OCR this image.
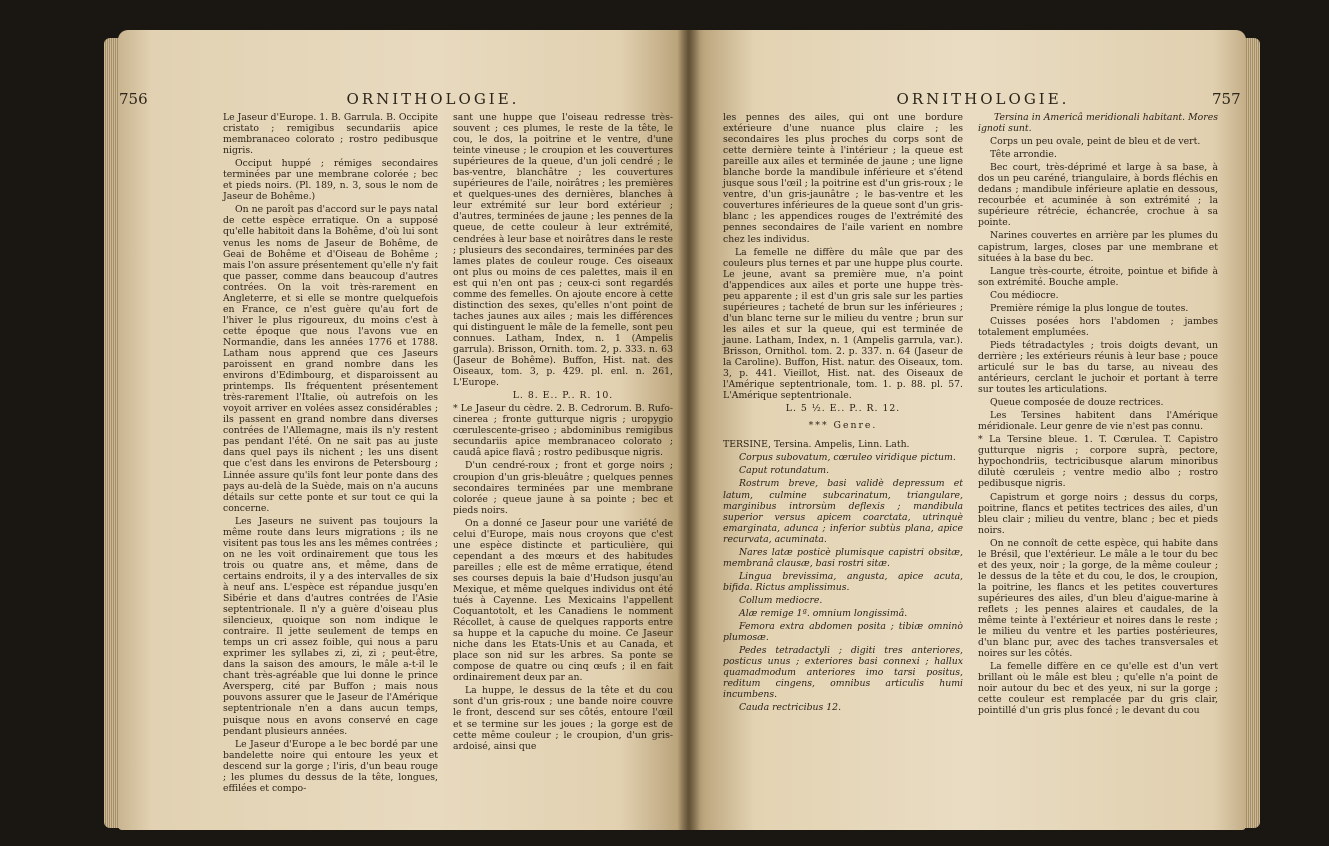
756	ORNITHOLOGIE.

Le Jaseur d'Europe. 1. B. Garrula. B. Occipite cristato ; remigibus secundariis apice membranaceo colorato ; rostro pedibusque nigris.

Occiput huppé ; rémiges secondaires terminées par une membrane colorée ; bec et pieds noirs. (Pl. 189, n. 3, sous le nom de Jaseur de Bohême.)

On ne paroît pas d'accord sur le pays natal de cette espèce erratique. On a supposé qu'elle habitoit dans la Bohême, d'où lui sont venus les noms de Jaseur de Bohême, de Geai de Bohême et d'Oiseau de Bohême ; mais l'on assure présentement qu'elle n'y fait que passer, comme dans beaucoup d'autres contrées. On la voit très-rarement en Angleterre, et si elle se montre quelquefois en France, ce n'est guère qu'au fort de l'hiver le plus rigoureux, du moins c'est à cette époque que nous l'avons vue en Normandie, dans les années 1776 et 1788. Latham nous apprend que ces Jaseurs paroissent en grand nombre dans les environs d'Edimbourg, et disparoissent au printemps. Ils fréquentent présentement très-rarement l'Italie, où autrefois on les voyoit arriver en volées assez considérables ; ils passent en grand nombre dans diverses contrées de l'Allemagne, mais ils n'y restent pas pendant l'été. On ne sait pas au juste dans quel pays ils nichent ; les uns disent que c'est dans les environs de Petersbourg ; Linnée assure qu'ils font leur ponte dans des pays au-delà de la Suède, mais on n'a aucuns détails sur cette ponte et sur tout ce qui la concerne.

Les Jaseurs ne suivent pas toujours la même route dans leurs migrations ; ils ne visitent pas tous les ans les mêmes contrées ; on ne les voit ordinairement que tous les trois ou quatre ans, et même, dans de certains endroits, il y a des intervalles de six à neuf ans. L'espèce est répandue jusqu'en Sibérie et dans d'autres contrées de l'Asie septentrionale. Il n'y a guère d'oiseau plus silencieux, quoique son nom indique le contraire. Il jette seulement de temps en temps un cri assez foible, qui nous a paru exprimer les syllabes zi, zi, zi ; peut-être, dans la saison des amours, le mâle a-t-il le chant très-agréable que lui donne le prince Aversperg, cité par Buffon ; mais nous pouvons assurer que le Jaseur de l'Amérique septentrionale n'en a dans aucun temps, puisque nous en avons conservé en cage pendant plusieurs années.

Le Jaseur d'Europe a le bec bordé par une bandelette noire qui entoure les yeux et descend sur la gorge ; l'iris, d'un beau rouge ; les plumes du dessus de la tête, longues, effilées et compo-

sant une huppe que l'oiseau redresse très-souvent ; ces plumes, le reste de la tête, le cou, le dos, la poitrine et le ventre, d'une teinte vineuse ; le croupion et les couvertures supérieures de la queue, d'un joli cendré ; le bas-ventre, blanchâtre ; les couvertures supérieures de l'aile, noirâtres ; les premières et quelques-unes des dernières, blanches à leur extrémité sur leur bord extérieur ; d'autres, terminées de jaune ; les pennes de la queue, de cette couleur à leur extrémité, cendrées à leur base et noirâtres dans le reste ; plusieurs des secondaires, terminées par des lames plates de couleur rouge. Ces oiseaux ont plus ou moins de ces palettes, mais il en est qui n'en ont pas ; ceux-ci sont regardés comme des femelles. On ajoute encore à cette distinction des sexes, qu'elles n'ont point de taches jaunes aux ailes ; mais les différences qui distinguent le mâle de la femelle, sont peu connues. Latham, Index, n. 1 (Ampelis garrula). Brisson, Ornith. tom. 2, p. 333. n. 63 (Jaseur de Bohême). Buffon, Hist. nat. des Oiseaux, tom. 3, p. 429. pl. enl. n. 261, L'Europe.

L. 8. E.. P.. R. 10.

* Le Jaseur du cèdre. 2. B. Cedrorum. B. Rufo-cinerea ; fronte gutturque nigris ; uropygio cœrulescente-griseo ; abdominibus remigibus secundariis apice membranaceo colorato ; caudâ apice flavâ ; rostro pedibusque nigris.

D'un cendré-roux ; front et gorge noirs ; croupion d'un gris-bleuâtre ; quelques pennes secondaires terminées par une membrane colorée ; queue jaune à sa pointe ; bec et pieds noirs.

On a donné ce Jaseur pour une variété de celui d'Europe, mais nous croyons que c'est une espèce distincte et particulière, qui cependant a des mœurs et des habitudes pareilles ; elle est de même erratique, étend ses courses depuis la baie d'Hudson jusqu'au Mexique, et même quelques individus ont été tués à Cayenne. Les Mexicains l'appellent Coquantotolt, et les Canadiens le nomment Récollet, à cause de quelques rapports entre sa huppe et la capuche du moine. Ce Jaseur niche dans les Etats-Unis et au Canada, et place son nid sur les arbres. Sa ponte se compose de quatre ou cinq œufs ; il en fait ordinairement deux par an.

La huppe, le dessus de la tête et du cou sont d'un gris-roux ; une bande noire couvre le front, descend sur ses côtés, entoure l'œil et se termine sur les joues ; la gorge est de cette même couleur ; le croupion, d'un gris-ardoisé, ainsi que

ORNITHOLOGIE.	757

les pennes des ailes, qui ont une bordure extérieure d'une nuance plus claire ; les secondaires les plus proches du corps sont de cette dernière teinte à l'intérieur ; la queue est pareille aux ailes et terminée de jaune ; une ligne blanche borde la mandibule inférieure et s'étend jusque sous l'œil ; la poitrine est d'un gris-roux ; le ventre, d'un gris-jaunâtre ; le bas-ventre et les couvertures inférieures de la queue sont d'un gris-blanc ; les appendices rouges de l'extrémité des pennes secondaires de l'aile varient en nombre chez les individus.

La femelle ne diffère du mâle que par des couleurs plus ternes et par une huppe plus courte. Le jeune, avant sa première mue, n'a point d'appendices aux ailes et porte une huppe très-peu apparente ; il est d'un gris sale sur les parties supérieures ; tacheté de brun sur les inférieures ; d'un blanc terne sur le milieu du ventre ; brun sur les ailes et sur la queue, qui est terminée de jaune. Latham, Index, n. 1 (Ampelis garrula, var.). Brisson, Ornithol. tom. 2. p. 337. n. 64 (Jaseur de la Caroline). Buffon, Hist. natur. des Oiseaux, tom. 3, p. 441. Vieillot, Hist. nat. des Oiseaux de l'Amérique septentrionale, tom. 1. p. 88. pl. 57. L'Amérique septentrionale.

L. 5 ½. E.. P.. R. 12.

*** Genre.

TERSINE, Tersina. Ampelis, Linn. Lath.

Corpus subovatum, cœruleo viridique pictum.

Caput rotundatum.

Rostrum breve, basi validè depressum et latum, culmine subcarinatum, triangulare, marginibus introrsùm deflexis ; mandibula superior versus apicem coarctata, utrinquè emarginata, adunca ; inferior subtùs plana, apice recurvata, acuminata.

Nares latæ posticè plumisque capistri obsitæ, membranâ clausæ, basi rostri sitæ.

Lingua brevissima, angusta, apice acuta, bifida. Rictus amplissimus.

Collum mediocre.

Alæ remige 1ª. omnium longissimâ.

Femora extra abdomen posita ; tibiæ omninò plumosæ.

Pedes tetradactyli ; digiti tres anteriores, posticus unus ; exteriores basi connexi ; hallux quamadmodum anteriores imo tarsi positus, reditum cingens, omnibus articulis humi incumbens.

Cauda rectricibus 12.

Tersina in Americâ meridionali habitant. Mores ignoti sunt.

Corps un peu ovale, peint de bleu et de vert.

Tête arrondie.

Bec court, très-déprimé et large à sa base, à dos un peu caréné, triangulaire, à bords fléchis en dedans ; mandibule inférieure aplatie en dessous, recourbée et acuminée à son extrémité ; la supérieure rétrécie, échancrée, crochue à sa pointe.

Narines couvertes en arrière par les plumes du capistrum, larges, closes par une membrane et situées à la base du bec.

Langue très-courte, étroite, pointue et bifide à son extrémité. Bouche ample.

Cou médiocre.

Première rémige la plus longue de toutes.

Cuisses posées hors l'abdomen ; jambes totalement emplumées.

Pieds tétradactyles ; trois doigts devant, un derrière ; les extérieurs réunis à leur base ; pouce articulé sur le bas du tarse, au niveau des antérieurs, cerclant le juchoir et portant à terre sur toutes les articulations.

Queue composée de douze rectrices.

Les Tersines habitent dans l'Amérique méridionale. Leur genre de vie n'est pas connu.

* La Tersine bleue. 1. T. Cœrulea. T. Capistro gutturque nigris ; corpore suprà, pectore, hypochondriis, tectricibusque alarum minoribus dilutè cœruleis ; ventre medio albo ; rostro pedibusque nigris.

Capistrum et gorge noirs ; dessus du corps, poitrine, flancs et petites tectrices des ailes, d'un bleu clair ; milieu du ventre, blanc ; bec et pieds noirs.

On ne connoît de cette espèce, qui habite dans le Brésil, que l'extérieur. Le mâle a le tour du bec et des yeux, noir ; la gorge, de la même couleur ; le dessus de la tête et du cou, le dos, le croupion, la poitrine, les flancs et les petites couvertures supérieures des ailes, d'un bleu d'aigue-marine à reflets ; les pennes alaires et caudales, de la même teinte à l'extérieur et noires dans le reste ; le milieu du ventre et les parties postérieures, d'un blanc pur, avec des taches transversales et noires sur les côtés.

La femelle diffère en ce qu'elle est d'un vert brillant où le mâle est bleu ; qu'elle n'a point de noir autour du bec et des yeux, ni sur la gorge ; cette couleur est remplacée par du gris clair, pointillé d'un gris plus foncé ; le devant du cou
